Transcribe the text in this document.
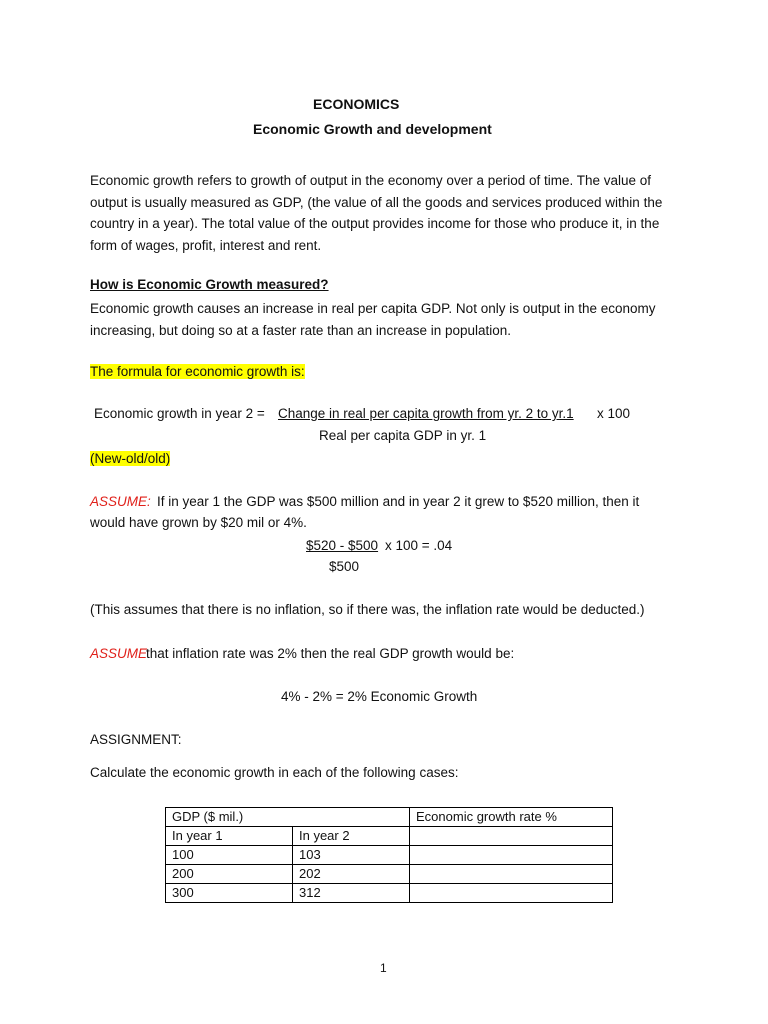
ECONOMICS
Economic Growth and development
Economic growth refers to growth of output in the economy over a period of time. The value of output is usually measured as GDP, (the value of all the goods and services produced within the country in a year). The total value of the output provides income for those who produce it, in the form of wages, profit, interest and rent.
How is Economic Growth measured?
Economic growth causes an increase in real per capita GDP. Not only is output in the economy increasing, but doing so at a faster rate than an increase in population.
The formula for economic growth is:
Economic growth in year 2 = Change in real per capita growth from yr. 2 to yr.1 x 100
Real per capita GDP in yr. 1
(New-old/old)
ASSUME: If in year 1 the GDP was $500 million and in year 2 it grew to $520 million, then it
would have grown by $20 mil or 4%.
$520 - $500 x 100 = .04
$500
(This assumes that there is no inflation, so if there was, the inflation rate would be deducted.)
ASSUME
that inflation rate was 2% then the real GDP growth would be:
4% - 2% = 2% Economic Growth
ASSIGNMENT:
Calculate the economic growth in each of the following cases:
GDP ($ mil.)		Economic growth rate %
In year 1	In year 2	
100	103	
200	202	
300	312	
1
